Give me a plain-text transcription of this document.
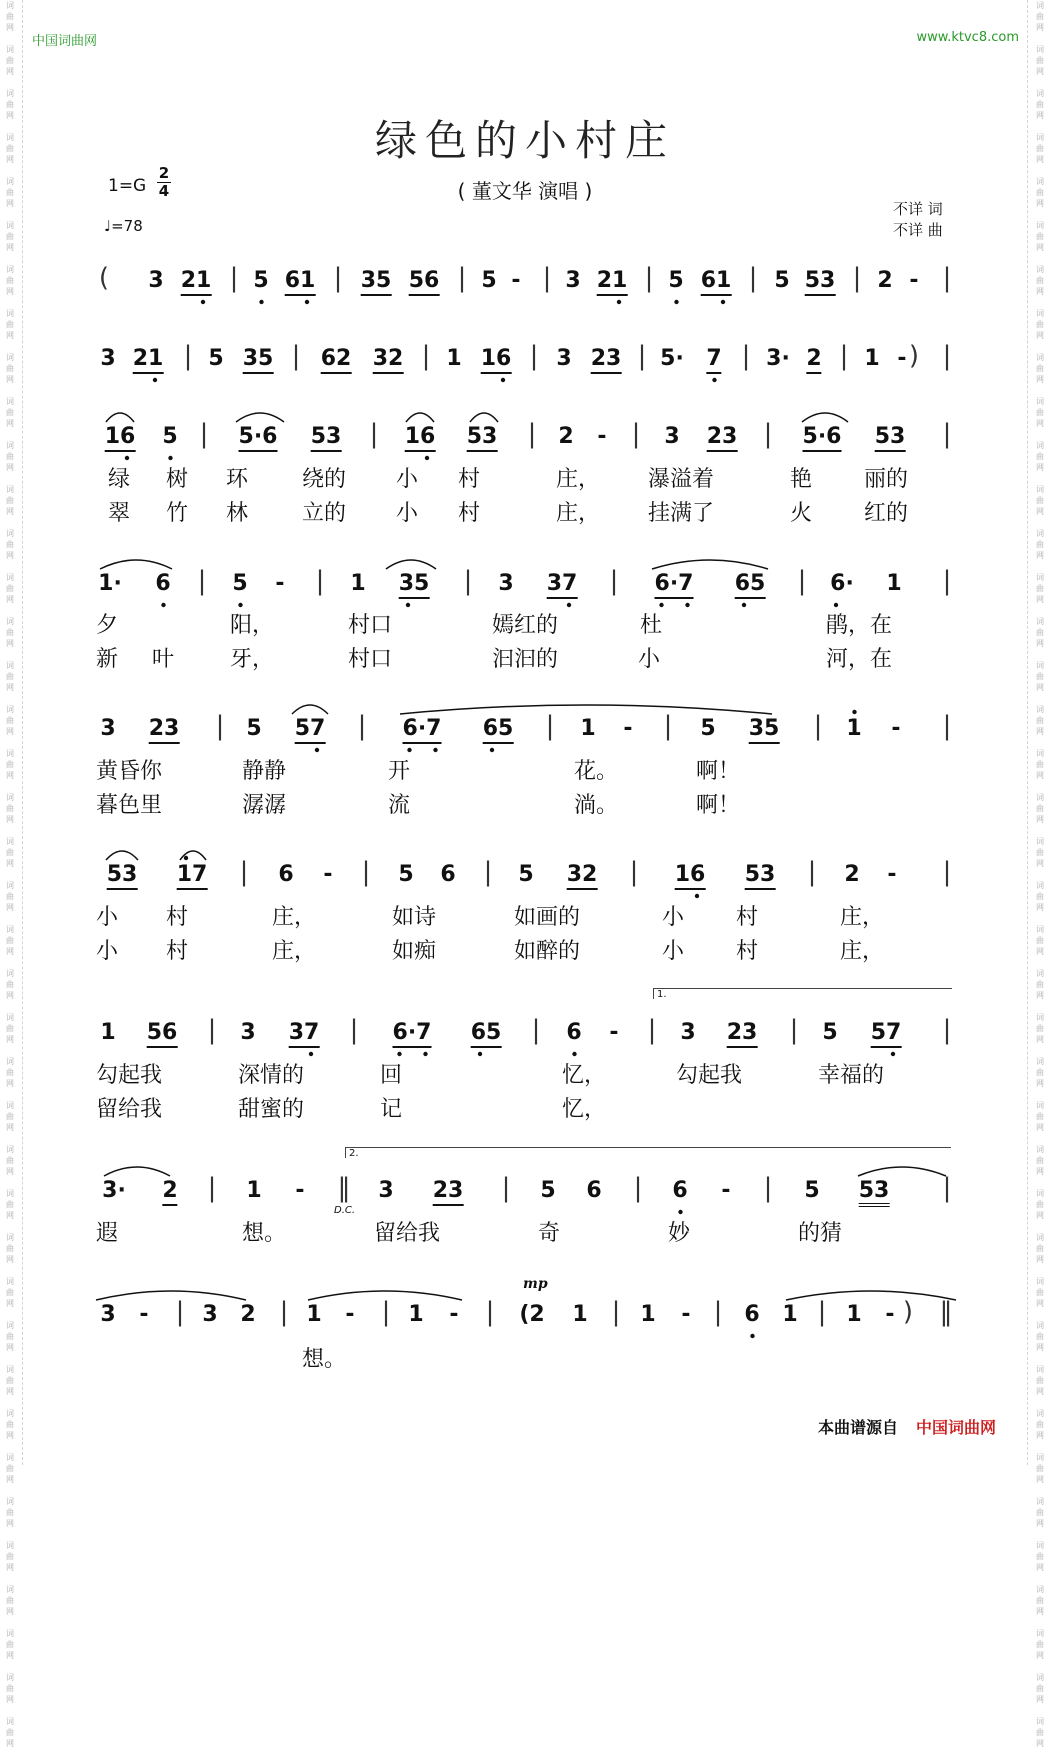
词
曲
网

词
曲
网

词
曲
网

词
曲
网

词
曲
网

词
曲
网

词
曲
网

词
曲
网

词
曲
网

词
曲
网

词
曲
网

词
曲
网

词
曲
网

词
曲
网

词
曲
网

词
曲
网

词
曲
网

词
曲
网

词
曲
网

词
曲
网

词
曲
网

词
曲
网

词
曲
网

词
曲
网

词
曲
网

词
曲
网

词
曲
网

词
曲
网

词
曲
网

词
曲
网

词
曲
网

词
曲
网

词
曲
网

词
曲
网

词
曲
网

词
曲
网

词
曲
网

词
曲
网

词
曲
网

词
曲
网

词
曲
网

词
曲
网

词
曲
网

词
曲
网

词
曲
网

词
曲
网

词
曲
网

词
曲
网

词
曲
网

词
曲
网

词
曲
网

词
曲
网

词
曲
网

词
曲
网

词
曲
网

词
曲
网

词
曲
网

词
曲
网

词
曲
网

词
曲
网

词
曲
网

词
曲
网

词
曲
网

词
曲
网

词
曲
网

词
曲
网

词
曲
网

词
曲
网

词
曲
网

词
曲
网

词
曲
网

词
曲
网

词
曲
网

词
曲
网

词
曲
网

词
曲
网

词
曲
网

词
曲
网

词
曲
网

词
曲
网

中国词曲网	www.ktvc8.com
绿色的小村庄
( 董文华 演唱 )
$1=G \frac{2}{4}$
♩=78
不详 词
不详 曲
( 3 21 | 5 61 | 35 56 | 5 - | 3 21 | 5 61 | 5 53 | 2 - |
3 21 | 5 35 | 62 32 | 1 16 | 3 23 | 5· 7 | 3· 2 | 1 - ) |
16 5 | 5·6 53 | 16 53 | 2 - | 3 23 | 5·6 53 |
1· 6 | 5 - | 1 35 | 3 37 | 6·7 65 | 6· 1 |
3 23 | 5 57 | 6·7 65 | 1 - | 5 35 | 1 - |
53 17 | 6 - | 5 6 | 5 32 | 16 53 | 2 - |
1 56 | 3 37 | 6·7 65 | 6 - | 3 23 | 5 57 |
3· 2 | 1 - ‖ 3 23 | 5 6 | 6 - | 5 53 |
3 - | 3 2 | 1 - | 1 - | (2 1 | 1 - | 6 1 | 1 - ) ‖
绿 树 环 绕的 小 村	庄， 瀑溢着	艳 丽的
翠 竹 林 立的 小 村	庄， 挂满了	火 红的
夕	阳，	村口	嫣红的	杜	鹃，在
新 叶	牙，	村口	汩汩的	小	河，在
黄昏你	静静	开	花。	啊！
暮色里	潺潺	流	淌。	啊！
小 村	庄，	如诗	如画的	小 村	庄，
小 村	庄，	如痴	如醉的	小 村	庄，
勾起我	深情的	回	忆，	勾起我	幸福的
留给我	甜蜜的	记	忆，
遐	想。	留给我	奇	妙	的猜
想。
D.C.
1.
2.
mp
本曲谱源自 中国词曲网
